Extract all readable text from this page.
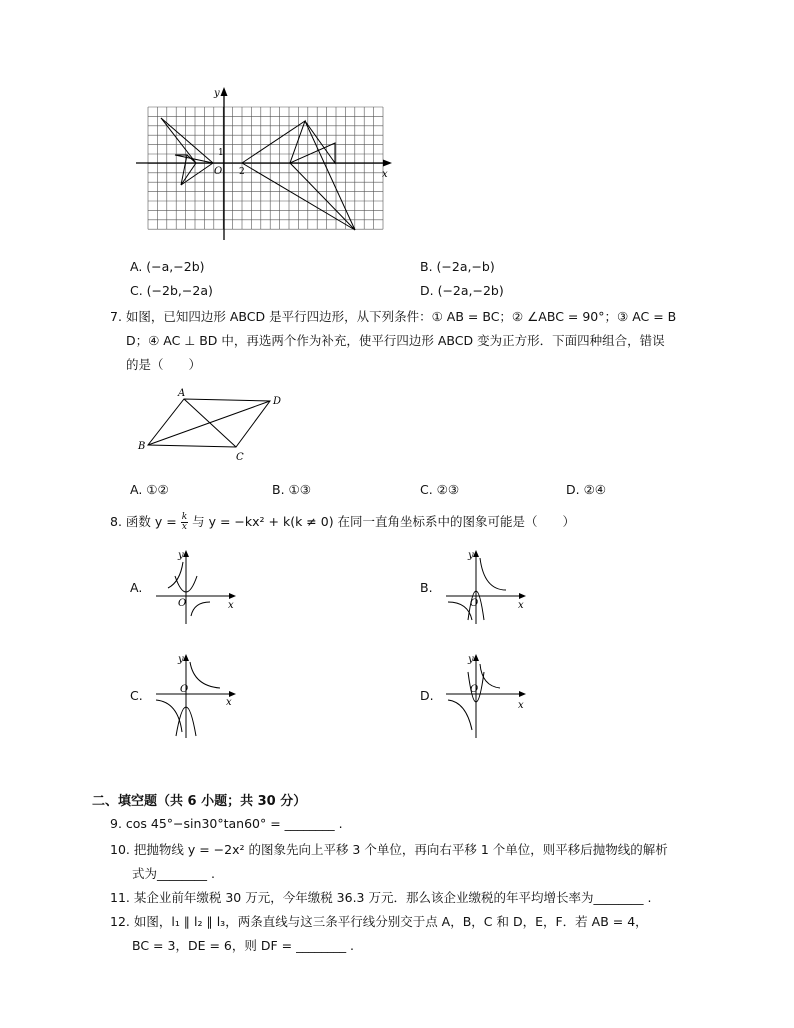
y
x
O
1
2
A. (−a,−2b)	B. (−2a,−b)
C. (−2b,−2a)	D. (−2a,−2b)
7. 如图，已知四边形 ABCD 是平行四边形，从下列条件：① AB = BC；② ∠ABC = 90°；③ AC = B
D；④ AC ⊥ BD 中，再选两个作为补充，使平行四边形 ABCD 变为正方形．下面四种组合，错误
的是（　　）
A
D
B
C
A. ①②	B. ①③	C. ②③	D. ②④
8. 函数 $y = \frac{k}{x}$ 与 y = −kx² + k(k ≠ 0) 在同一直角坐标系中的图象可能是（　　）
A.	B.
C.	D.
y
x
O
y
x
O
y
x
O
y
x
O
二、填空题（共 6 小题；共 30 分）
9. cos 45°−sin30°tan60° = ________ .
10. 把抛物线 y = −2x² 的图象先向上平移 3 个单位，再向右平移 1 个单位，则平移后抛物线的解析
式为________ .
11. 某企业前年缴税 30 万元，今年缴税 36.3 万元．那么该企业缴税的年平均增长率为________ .
12. 如图，l₁ ∥ l₂ ∥ l₃，两条直线与这三条平行线分别交于点 A，B，C 和 D，E，F．若 AB = 4，
BC = 3，DE = 6，则 DF = ________ .
